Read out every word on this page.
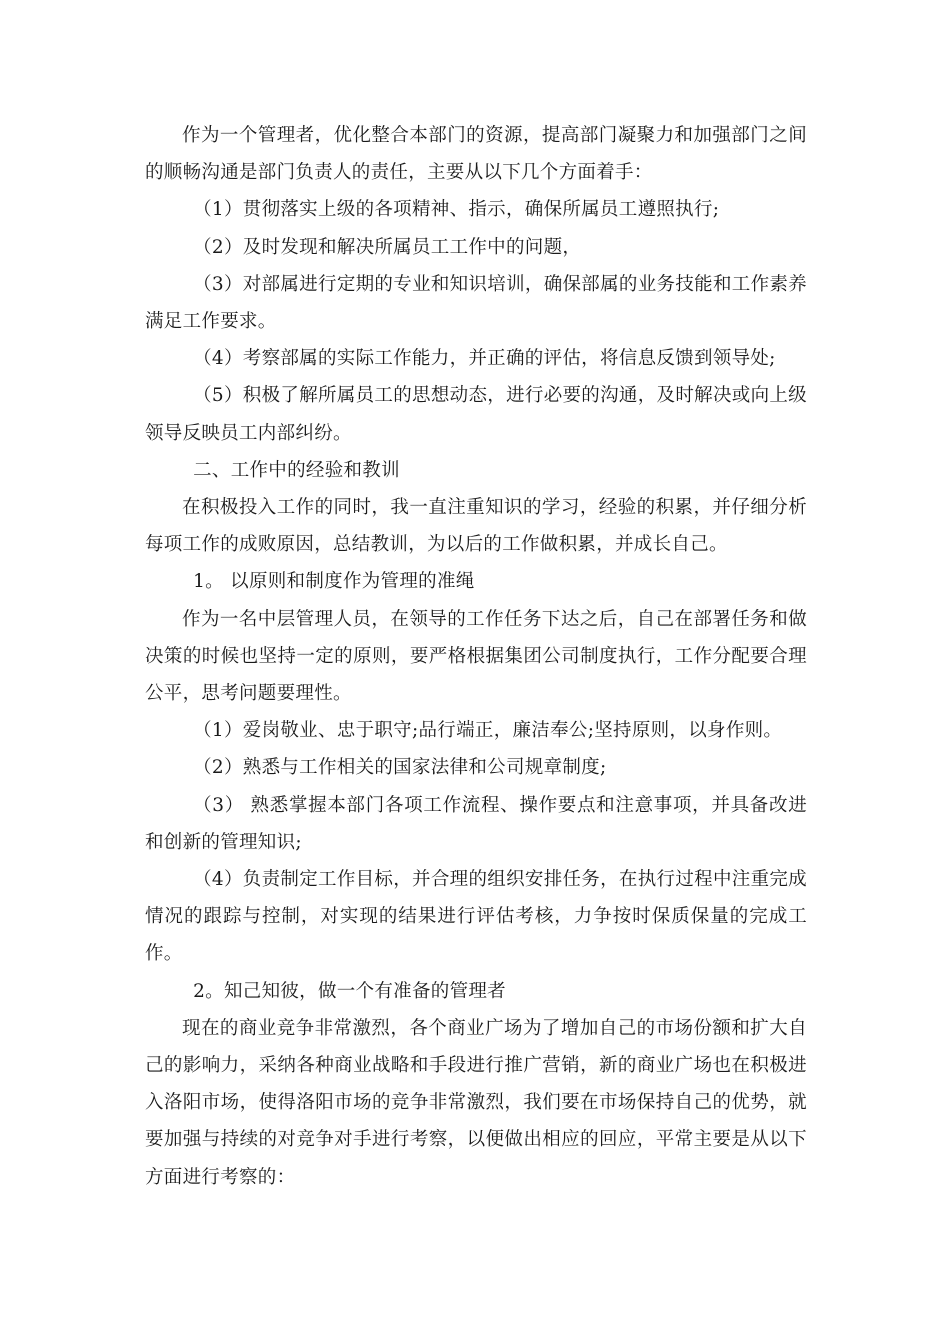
作为一个管理者，优化整合本部门的资源，提高部门凝聚力和加强部门之间的顺畅沟通是部门负责人的责任，主要从以下几个方面着手：

（1）贯彻落实上级的各项精神、指示，确保所属员工遵照执行;

（2）及时发现和解决所属员工工作中的问题，

（3）对部属进行定期的专业和知识培训，确保部属的业务技能和工作素养满足工作要求。

（4）考察部属的实际工作能力，并正确的评估，将信息反馈到领导处;

（5）积极了解所属员工的思想动态，进行必要的沟通，及时解决或向上级领导反映员工内部纠纷。

二、工作中的经验和教训

在积极投入工作的同时，我一直注重知识的学习，经验的积累，并仔细分析每项工作的成败原因，总结教训，为以后的工作做积累，并成长自己。

1。 以原则和制度作为管理的准绳

作为一名中层管理人员，在领导的工作任务下达之后，自己在部署任务和做决策的时候也坚持一定的原则，要严格根据集团公司制度执行，工作分配要合理公平，思考问题要理性。

（1）爱岗敬业、忠于职守;品行端正，廉洁奉公;坚持原则，以身作则。

（2）熟悉与工作相关的国家法律和公司规章制度;

（3） 熟悉掌握本部门各项工作流程、操作要点和注意事项，并具备改进和创新的管理知识;

（4）负责制定工作目标，并合理的组织安排任务，在执行过程中注重完成情况的跟踪与控制，对实现的结果进行评估考核，力争按时保质保量的完成工作。

2。知己知彼，做一个有准备的管理者

现在的商业竞争非常激烈，各个商业广场为了增加自己的市场份额和扩大自己的影响力，采纳各种商业战略和手段进行推广营销，新的商业广场也在积极进入洛阳市场，使得洛阳市场的竞争非常激烈，我们要在市场保持自己的优势，就要加强与持续的对竞争对手进行考察，以便做出相应的回应，平常主要是从以下方面进行考察的：
